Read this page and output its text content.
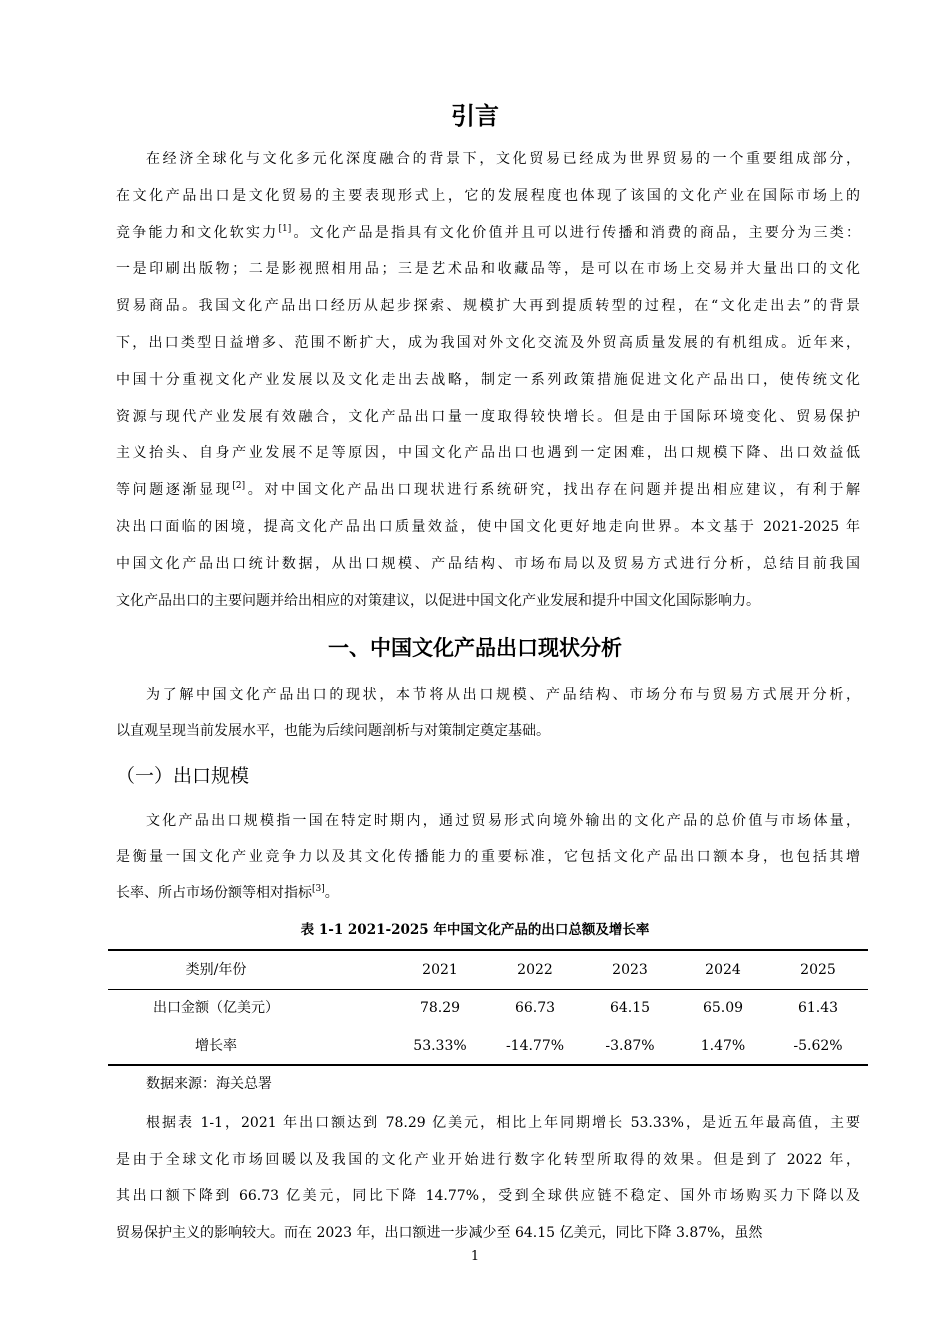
引言
在经济全球化与文化多元化深度融合的背景下，文化贸易已经成为世界贸易的一个重要组成部分，
在文化产品出口是文化贸易的主要表现形式上，它的发展程度也体现了该国的文化产业在国际市场上的
竞争能力和文化软实力[1]。文化产品是指具有文化价值并且可以进行传播和消费的商品，主要分为三类：
一是印刷出版物；二是影视照相用品；三是艺术品和收藏品等，是可以在市场上交易并大量出口的文化
贸易商品。我国文化产品出口经历从起步探索、规模扩大再到提质转型的过程，在“文化走出去”的背景
下，出口类型日益增多、范围不断扩大，成为我国对外文化交流及外贸高质量发展的有机组成。近年来，
中国十分重视文化产业发展以及文化走出去战略，制定一系列政策措施促进文化产品出口，使传统文化
资源与现代产业发展有效融合，文化产品出口量一度取得较快增长。但是由于国际环境变化、贸易保护
主义抬头、自身产业发展不足等原因，中国文化产品出口也遇到一定困难，出口规模下降、出口效益低
等问题逐渐显现[2]。对中国文化产品出口现状进行系统研究，找出存在问题并提出相应建议，有利于解
决出口面临的困境，提高文化产品出口质量效益，使中国文化更好地走向世界。本文基于 2021-2025 年
中国文化产品出口统计数据，从出口规模、产品结构、市场布局以及贸易方式进行分析，总结目前我国
文化产品出口的主要问题并给出相应的对策建议，以促进中国文化产业发展和提升中国文化国际影响力。
一、中国文化产品出口现状分析
为了解中国文化产品出口的现状，本节将从出口规模、产品结构、市场分布与贸易方式展开分析，
以直观呈现当前发展水平，也能为后续问题剖析与对策制定奠定基础。
（一）出口规模
文化产品出口规模指一国在特定时期内，通过贸易形式向境外输出的文化产品的总价值与市场体量，
是衡量一国文化产业竞争力以及其文化传播能力的重要标准，它包括文化产品出口额本身，也包括其增
长率、所占市场份额等相对指标[3]。
表 1-1 2021-2025 年中国文化产品的出口总额及增长率
类别/年份	2021	2022	2023	2024	2025
出口金额（亿美元）	78.29	66.73	64.15	65.09	61.43
增长率	53.33%	-14.77%	-3.87%	1.47%	-5.62%
数据来源：海关总署
根据表 1-1，2021 年出口额达到 78.29 亿美元，相比上年同期增长 53.33%，是近五年最高值，主要
是由于全球文化市场回暖以及我国的文化产业开始进行数字化转型所取得的效果。但是到了 2022 年，
其出口额下降到 66.73 亿美元，同比下降 14.77%，受到全球供应链不稳定、国外市场购买力下降以及
贸易保护主义的影响较大。而在 2023 年，出口额进一步减少至 64.15 亿美元，同比下降 3.87%，虽然
1
